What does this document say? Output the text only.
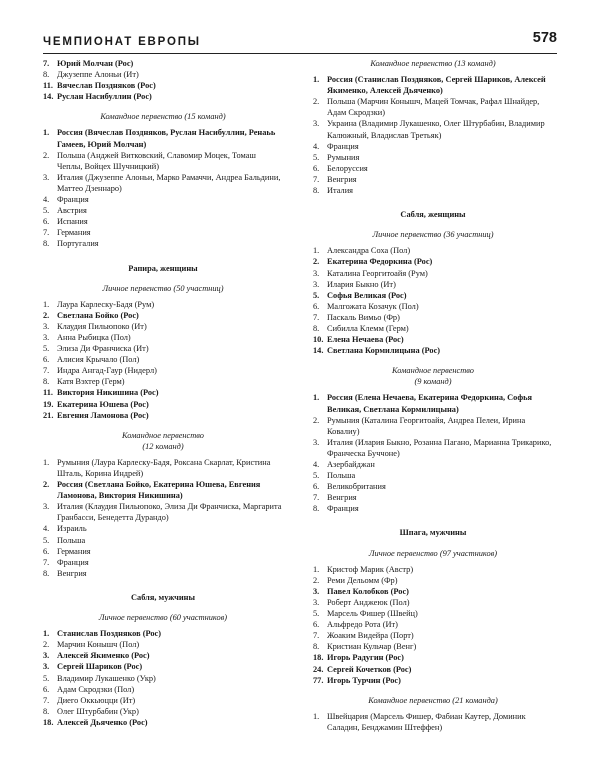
ЧЕМПИОНАТ ЕВРОПЫ	578
7. Юрий Молчан (Рос)
8. Джузеппе Алоньи (Ит)
11. Вячеслав Поздняков (Рос)
14. Руслан Насибуллин (Рос)
Командное первенство (15 команд)
1. Россия (Вячеслав Поздняков, Руслан Насибуллин, Ренаьь Гамеев, Юрий Молчан)
2. Польша (Анджей Витковский, Славомир Моцек, Томаш Чеплы, Войцех Шучницкий)
3. Италия (Джузеппе Алоньи, Марко Рамаччи, Андреа Бальдини, Маттео Дзеннаро)
4. Франция
5. Австрия
6. Испания
7. Германия
8. Португалия
Рапира, женщины
Личное первенство (50 участниц)
1. Лаура Карлеску-Бадя (Рум)
2. Светлана Бойко (Рос)
3. Клаудия Пильюпоко (Ит)
3. Анна Рыбицка (Пол)
5. Элиза Ди Франчиска (Ит)
6. Алисия Крычало (Пол)
7. Индра Ангад-Гаур (Нидерл)
8. Катя Вэхтер (Герм)
11. Виктория Никишина (Рос)
19. Екатерина Юшева (Рос)
21. Евгения Ламонова (Рос)
Командное первенство
(12 команд)
1. Румыния (Лаура Карлеску-Бадя, Роксана Скарлат, Кристина Шталь, Корина Индрей)
2. Россия (Светлана Бойко, Екатерина Юшева, Евгения Ламонова, Виктория Никишина)
3. Италия (Клаудия Пильюпоко, Элиза Ди Франчиска, Маргарита Гранбасси, Бенедетта Дурандо)
4. Израиль
5. Польша
6. Германия
7. Франция
8. Венгрия
Сабля, мужчины
Личное первенство (60 участников)
1. Станислав Поздняков (Рос)
2. Марчин Конышч (Пол)
3. Алексей Якименко (Рос)
3. Сергей Шариков (Рос)
5. Владимир Лукашенко (Укр)
6. Адам Скродзки (Пол)
7. Диего Оккьюцци (Ит)
8. Олег Штурбабин (Укр)
18. Алексей Дьяченко (Рос)
Командное первенство (13 команд)
1. Россия (Станислав Поздняков, Сергей Шариков, Алексей Якименко, Алексей Дьяченко)
2. Польша (Марчин Конышч, Мацей Томчак, Рафал Шнайдер, Адам Скродзки)
3. Украина (Владимир Лукашенко, Олег Штурбабин, Владимир Калюжный, Владислав Третьяк)
4. Франция
5. Румыния
6. Белоруссия
7. Венгрия
8. Италия
Сабля, женщины
Личное первенство (36 участниц)
1. Александра Соха (Пол)
2. Екатерина Федоркина (Рос)
3. Каталина Георгитоайя (Рум)
3. Илария Быкно (Ит)
5. Софья Великая (Рос)
6. Малгожата Козачук (Пол)
7. Паскаль Вимьо (Фр)
8. Сибилла Клемм (Герм)
10. Елена Нечаева (Рос)
14. Светлана Кормилицына (Рос)
Командное первенство
(9 команд)
1. Россия (Елена Нечаева, Екатерина Федоркина, Софья Великая, Светлана Кормилицына)
2. Румыния (Каталина Георгитоайя, Андреа Пелеи, Ирина Ковалиу)
3. Италия (Илария Быкно, Розанна Пагано, Марианна Трикарико, Франческа Буччоне)
4. Азербайджан
5. Польша
6. Великобритания
7. Венгрия
8. Франция
Шпага, мужчины
Личное первенство (97 участников)
1. Кристоф Марик (Австр)
2. Реми Дельомм (Фр)
3. Павел Колобков (Рос)
3. Роберт Анджеюк (Пол)
5. Марсель Фишер (Швейц)
6. Альфредо Рота (Ит)
7. Жоаким Видейра (Порт)
8. Кристиан Кульчар (Венг)
18. Игорь Радугин (Рос)
24. Сергей Кочетков (Рос)
77. Игорь Турчин (Рос)
Командное первенство (21 команда)
1. Швейцария (Марсель Фишер, Фабиан Каутер, Доминик Саладин, Бенджамин Штеффен)
